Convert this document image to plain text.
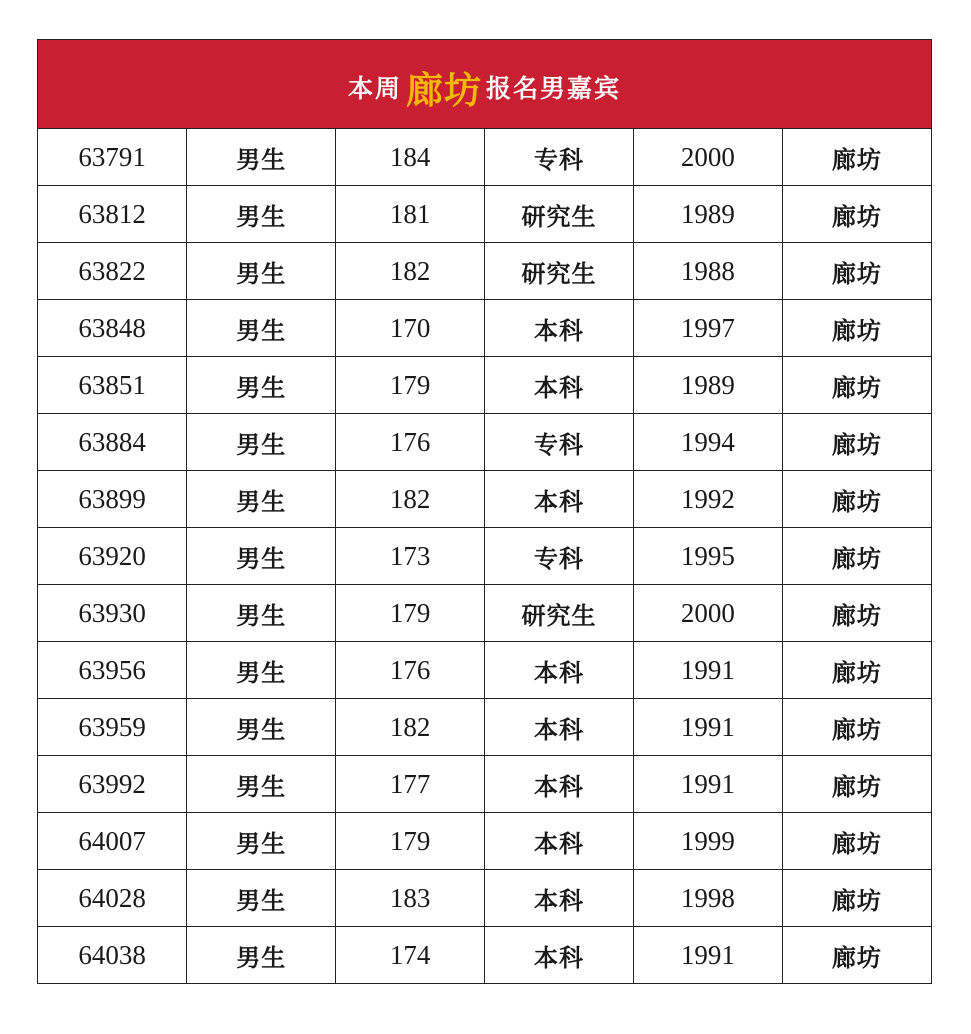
本周 廊坊 报名男嘉宾
63791	男生	184	专科	2000	廊坊
63812	男生	181	研究生	1989	廊坊
63822	男生	182	研究生	1988	廊坊
63848	男生	170	本科	1997	廊坊
63851	男生	179	本科	1989	廊坊
63884	男生	176	专科	1994	廊坊
63899	男生	182	本科	1992	廊坊
63920	男生	173	专科	1995	廊坊
63930	男生	179	研究生	2000	廊坊
63956	男生	176	本科	1991	廊坊
63959	男生	182	本科	1991	廊坊
63992	男生	177	本科	1991	廊坊
64007	男生	179	本科	1999	廊坊
64028	男生	183	本科	1998	廊坊
64038	男生	174	本科	1991	廊坊
